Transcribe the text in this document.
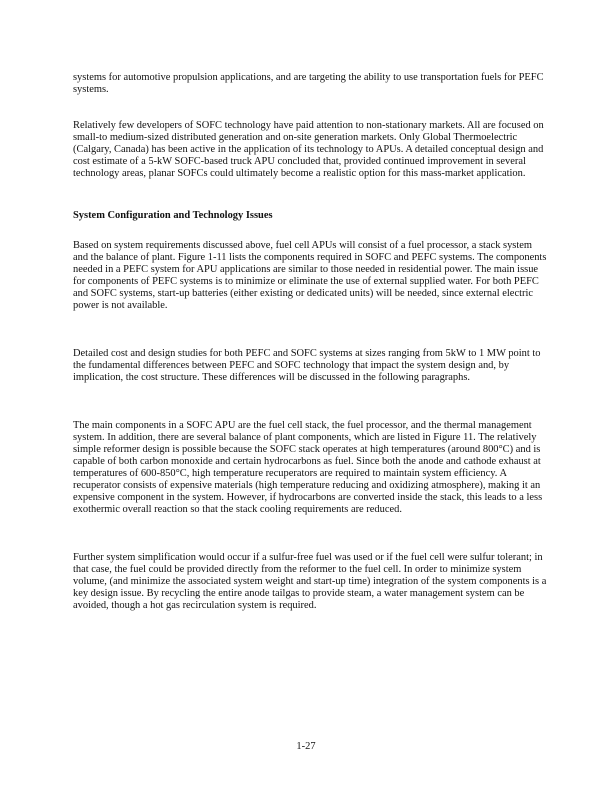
systems for automotive propulsion applications, and are targeting the ability to use transportation fuels for PEFC systems.

Relatively few developers of SOFC technology have paid attention to non-stationary markets. All are focused on small-to medium-sized distributed generation and on-site generation markets. Only Global Thermoelectric (Calgary, Canada) has been active in the application of its technology to APUs. A detailed conceptual design and cost estimate of a 5-kW SOFC-based truck APU concluded that, provided continued improvement in several technology areas, planar SOFCs could ultimately become a realistic option for this mass-market application.

System Configuration and Technology Issues

Based on system requirements discussed above, fuel cell APUs will consist of a fuel processor, a stack system and the balance of plant. Figure 1-11 lists the components required in SOFC and PEFC systems. The components needed in a PEFC system for APU applications are similar to those needed in residential power. The main issue for components of PEFC systems is to minimize or eliminate the use of external supplied water. For both PEFC and SOFC systems, start-up batteries (either existing or dedicated units) will be needed, since external electric power is not available.

Detailed cost and design studies for both PEFC and SOFC systems at sizes ranging from 5kW to 1 MW point to the fundamental differences between PEFC and SOFC technology that impact the system design and, by implication, the cost structure. These differences will be discussed in the following paragraphs.

The main components in a SOFC APU are the fuel cell stack, the fuel processor, and the thermal management system. In addition, there are several balance of plant components, which are listed in Figure 11. The relatively simple reformer design is possible because the SOFC stack operates at high temperatures (around 800°C) and is capable of both carbon monoxide and certain hydrocarbons as fuel. Since both the anode and cathode exhaust at temperatures of 600-850°C, high temperature recuperators are required to maintain system efficiency. A recuperator consists of expensive materials (high temperature reducing and oxidizing atmosphere), making it an expensive component in the system. However, if hydrocarbons are converted inside the stack, this leads to a less exothermic overall reaction so that the stack cooling requirements are reduced.

Further system simplification would occur if a sulfur-free fuel was used or if the fuel cell were sulfur tolerant; in that case, the fuel could be provided directly from the reformer to the fuel cell. In order to minimize system volume, (and minimize the associated system weight and start-up time) integration of the system components is a key design issue. By recycling the entire anode tailgas to provide steam, a water management system can be avoided, though a hot gas recirculation system is required.

1-27
